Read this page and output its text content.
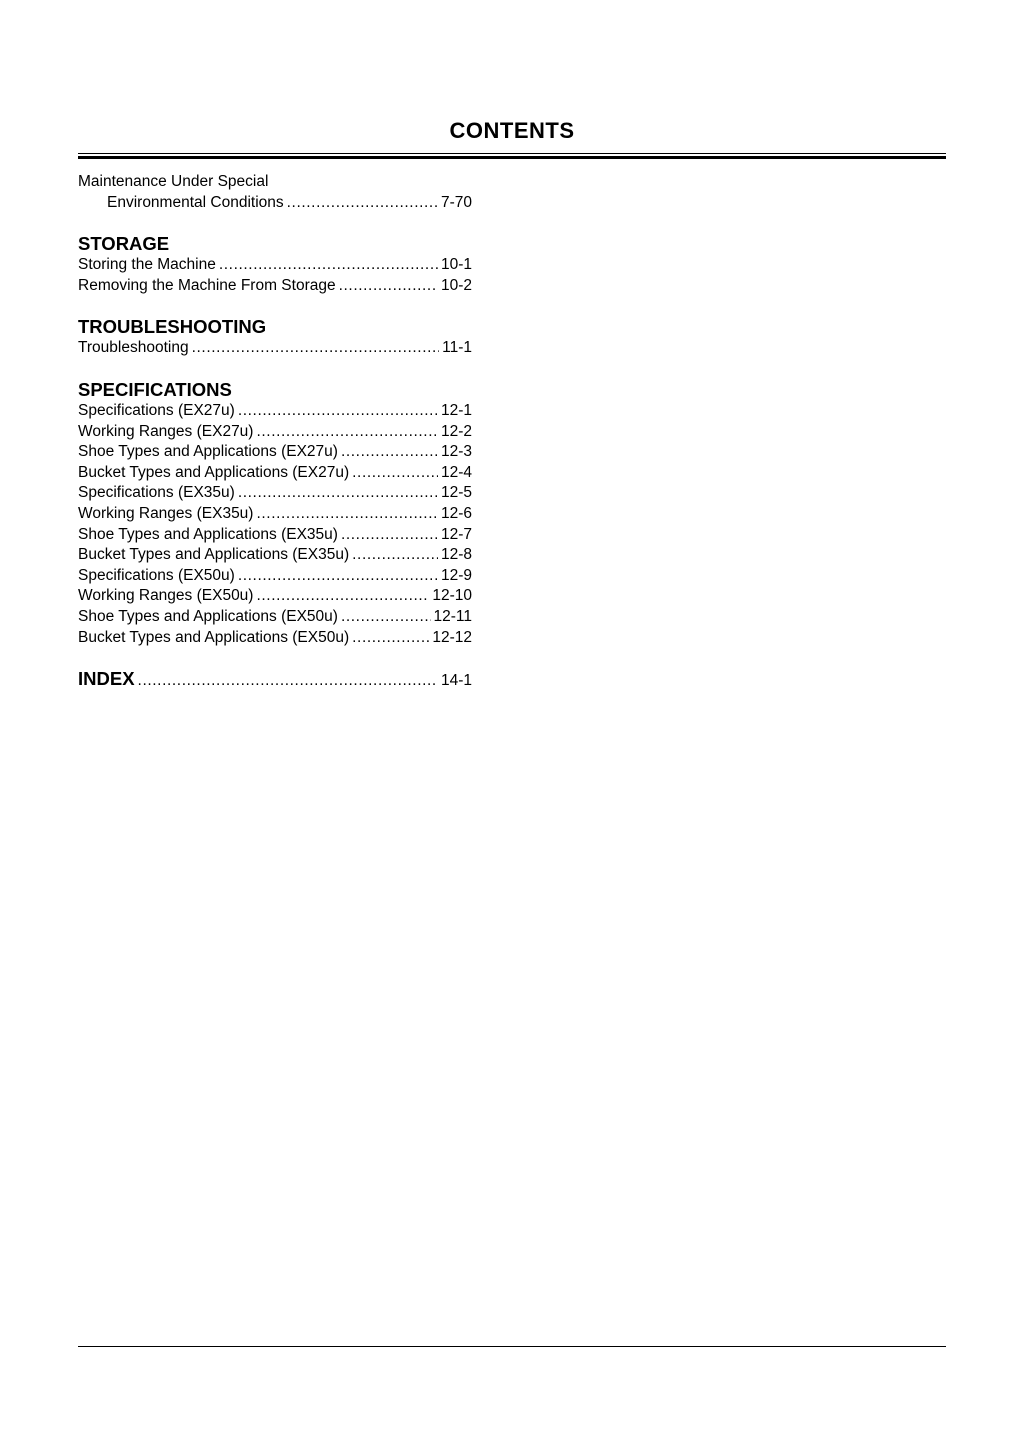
CONTENTS
Maintenance Under Special
Environmental Conditions .....	7-70
STORAGE
Storing the Machine .....	10-1
Removing the Machine From Storage .....	10-2
TROUBLESHOOTING
Troubleshooting .....	11-1
SPECIFICATIONS
Specifications (EX27u) .....	12-1
Working Ranges (EX27u) .....	12-2
Shoe Types and Applications (EX27u) .....	12-3
Bucket Types and Applications (EX27u) .....	12-4
Specifications (EX35u) .....	12-5
Working Ranges (EX35u) .....	12-6
Shoe Types and Applications (EX35u) .....	12-7
Bucket Types and Applications (EX35u) .....	12-8
Specifications (EX50u) .....	12-9
Working Ranges (EX50u) .....	12-10
Shoe Types and Applications (EX50u) .....	12-11
Bucket Types and Applications (EX50u) .....	12-12
INDEX .....	14-1
